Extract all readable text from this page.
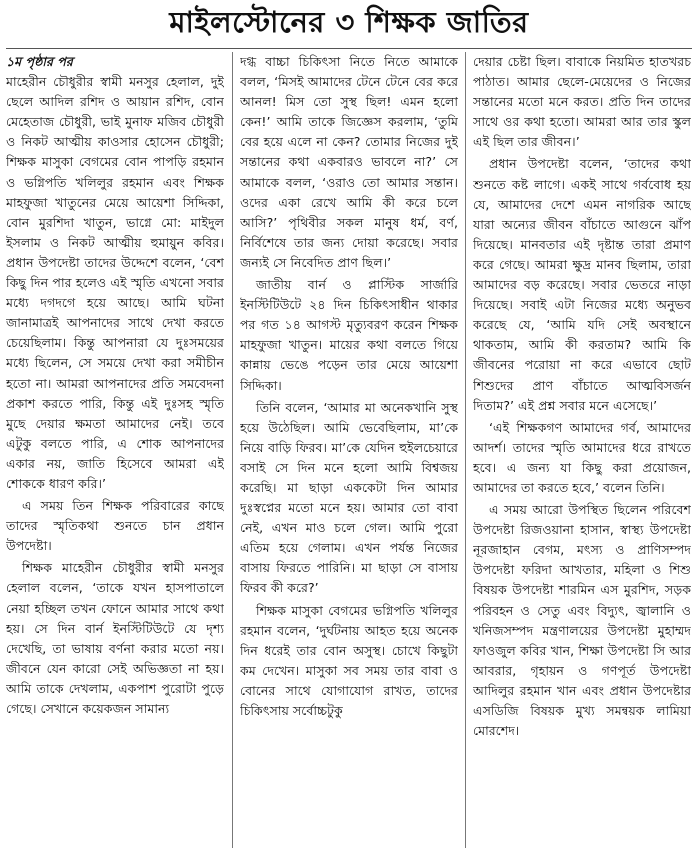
মাইলস্টোনের ৩ শিক্ষক জাতির

১ম পৃষ্ঠার পর

মাহেরীন চৌধুরীর স্বামী মনসুর হেলাল, দুই ছেলে আদিল রশিদ ও আয়ান রশিদ, বোন মেহেতাজ চৌধুরী, ভাই মুনাফ মজিব চৌধুরী ও নিকট আত্মীয় কাওসার হোসেন চৌধুরী; শিক্ষক মাসুকা বেগমের বোন পাপড়ি রহমান ও ভগ্নিপতি খলিলুর রহমান এবং শিক্ষক মাহফুজা খাতুনের মেয়ে আয়েশা সিদ্দিকা, বোন মুরশিদা খাতুন, ভাগ্নে মো: মাইদুল ইসলাম ও নিকট আত্মীয় হুমায়ুন কবির। প্রধান উপদেষ্টা তাদের উদ্দেশে বলেন, ‘বেশ কিছু দিন পার হলেও এই স্মৃতি এখনো সবার মধ্যে দগদগে হয়ে আছে। আমি ঘটনা জানামাত্রই আপনাদের সাথে দেখা করতে চেয়েছিলাম। কিন্তু আপনারা যে দুঃসময়ের মধ্যে ছিলেন, সে সময়ে দেখা করা সমীচীন হতো না। আমরা আপনাদের প্রতি সমবেদনা প্রকাশ করতে পারি, কিন্তু এই দুঃসহ স্মৃতি মুছে দেয়ার ক্ষমতা আমাদের নেই। তবে এটুকু বলতে পারি, এ শোক আপনাদের একার নয়, জাতি হিসেবে আমরা এই শোককে ধারণ করি।’

এ সময় তিন শিক্ষক পরিবারের কাছে তাদের স্মৃতিকথা শুনতে চান প্রধান উপদেষ্টা।

শিক্ষক মাহেরীন চৌধুরীর স্বামী মনসুর হেলাল বলেন, ‘তাকে যখন হাসপাতালে নেয়া হচ্ছিল তখন ফোনে আমার সাথে কথা হয়। সে দিন বার্ন ইনস্টিটিউটে যে দৃশ্য দেখেছি, তা ভাষায় বর্ণনা করার মতো নয়। জীবনে যেন কারো সেই অভিজ্ঞতা না হয়। আমি তাকে দেখলাম, একপাশ পুরোটা পুড়ে গেছে। সেখানে কয়েকজন সামান্য

দগ্ধ বাচ্চা চিকিৎসা নিতে নিতে আমাকে বলল, ‘মিসই আমাদের টেনে টেনে বের করে আনল! মিস তো সুস্থ ছিল! এমন হলো কেন!’ আমি তাকে জিজ্ঞেস করলাম, ‘তুমি বের হয়ে এলে না কেন? তোমার নিজের দুই সন্তানের কথা একবারও ভাবলে না?’ সে আমাকে বলল, ‘ওরাও তো আমার সন্তান। ওদের একা রেখে আমি কী করে চলে আসি?’ পৃথিবীর সকল মানুষ ধর্ম, বর্ণ, নির্বিশেষে তার জন্য দোয়া করেছে। সবার জন্যই সে নিবেদিত প্রাণ ছিল।’

জাতীয় বার্ন ও প্লাস্টিক সার্জারি ইনস্টিটিউটে ২৪ দিন চিকিৎসাধীন থাকার পর গত ১৪ আগস্ট মৃত্যুবরণ করেন শিক্ষক মাহফুজা খাতুন। মায়ের কথা বলতে গিয়ে কান্নায় ভেঙে পড়েন তার মেয়ে আয়েশা সিদ্দিকা।

তিনি বলেন, ‘আমার মা অনেকখানি সুস্থ হয়ে উঠেছিল। আমি ভেবেছিলাম, মা’কে নিয়ে বাড়ি ফিরব। মা’কে যেদিন হুইলচেয়ারে বসাই সে দিন মনে হলো আমি বিশ্বজয় করেছি। মা ছাড়া এককেটা দিন আমার দুঃস্বপ্নের মতো মনে হয়। আমার তো বাবা নেই, এখন মাও চলে গেল। আমি পুরো এতিম হয়ে গেলাম। এখন পর্যন্ত নিজের বাসায় ফিরতে পারিনি। মা ছাড়া সে বাসায় ফিরব কী করে?’

শিক্ষক মাসুকা বেগমের ভগ্নিপতি খলিলুর রহমান বলেন, ‘দুর্ঘটনায় আহত হয়ে অনেক দিন ধরেই তার বোন অসুস্থ। চোখে কিছুটা কম দেখেন। মাসুকা সব সময় তার বাবা ও বোনের সাথে যোগাযোগ রাখত, তাদের চিকিৎসায় সর্বোচ্চটুকু

দেয়ার চেষ্টা ছিল। বাবাকে নিয়মিত হাতখরচ পাঠাত। আমার ছেলে-মেয়েদের ও নিজের সন্তানের মতো মনে করত। প্রতি দিন তাদের সাথে ওর কথা হতো। আমরা আর তার স্কুল এই ছিল তার জীবন।’

প্রধান উপদেষ্টা বলেন, ‘তাদের কথা শুনতে কষ্ট লাগে। একই সাথে গর্ববোধ হয় যে, আমাদের দেশে এমন নাগরিক আছে যারা অন্যের জীবন বাঁচাতে আগুনে ঝাঁপ দিয়েছে। মানবতার এই দৃষ্টান্ত তারা প্রমাণ করে গেছে। আমরা ক্ষুদ্র মানব ছিলাম, তারা আমাদের বড় করেছে। সবার ভেতরে নাড়া দিয়েছে। সবাই এটা নিজের মধ্যে অনুভব করেছে যে, ‘আমি যদি সেই অবস্থানে থাকতাম, আমি কী করতাম? আমি কি জীবনের পরোয়া না করে এভাবে ছোট শিশুদের প্রাণ বাঁচাতে আত্মবিসর্জন দিতাম?’ এই প্রশ্ন সবার মনে এসেছে।’

‘এই শিক্ষকগণ আমাদের গর্ব, আমাদের আদর্শ। তাদের স্মৃতি আমাদের ধরে রাখতে হবে। এ জন্য যা কিছু করা প্রয়োজন, আমাদের তা করতে হবে,’ বলেন তিনি।

এ সময় আরো উপস্থিত ছিলেন পরিবেশ উপদেষ্টা রিজওয়ানা হাসান, স্বাস্থ্য উপদেষ্টা নূরজাহান বেগম, মৎস্য ও প্রাণিসম্পদ উপদেষ্টা ফরিদা আখতার, মহিলা ও শিশু বিষয়ক উপদেষ্টা শারমিন এস মুরশিদ, সড়ক পরিবহন ও সেতু এবং বিদ্যুৎ, জ্বালানি ও খনিজসম্পদ মন্ত্রণালয়ের উপদেষ্টা মুহাম্মদ ফাওজুল কবির খান, শিক্ষা উপদেষ্টা সি আর আবরার, গৃহায়ন ও গণপূর্ত উপদেষ্টা আদিলুর রহমান খান এবং প্রধান উপদেষ্টার এসডিজি বিষয়ক মুখ্য সমন্বয়ক লামিয়া মোরশেদ।
